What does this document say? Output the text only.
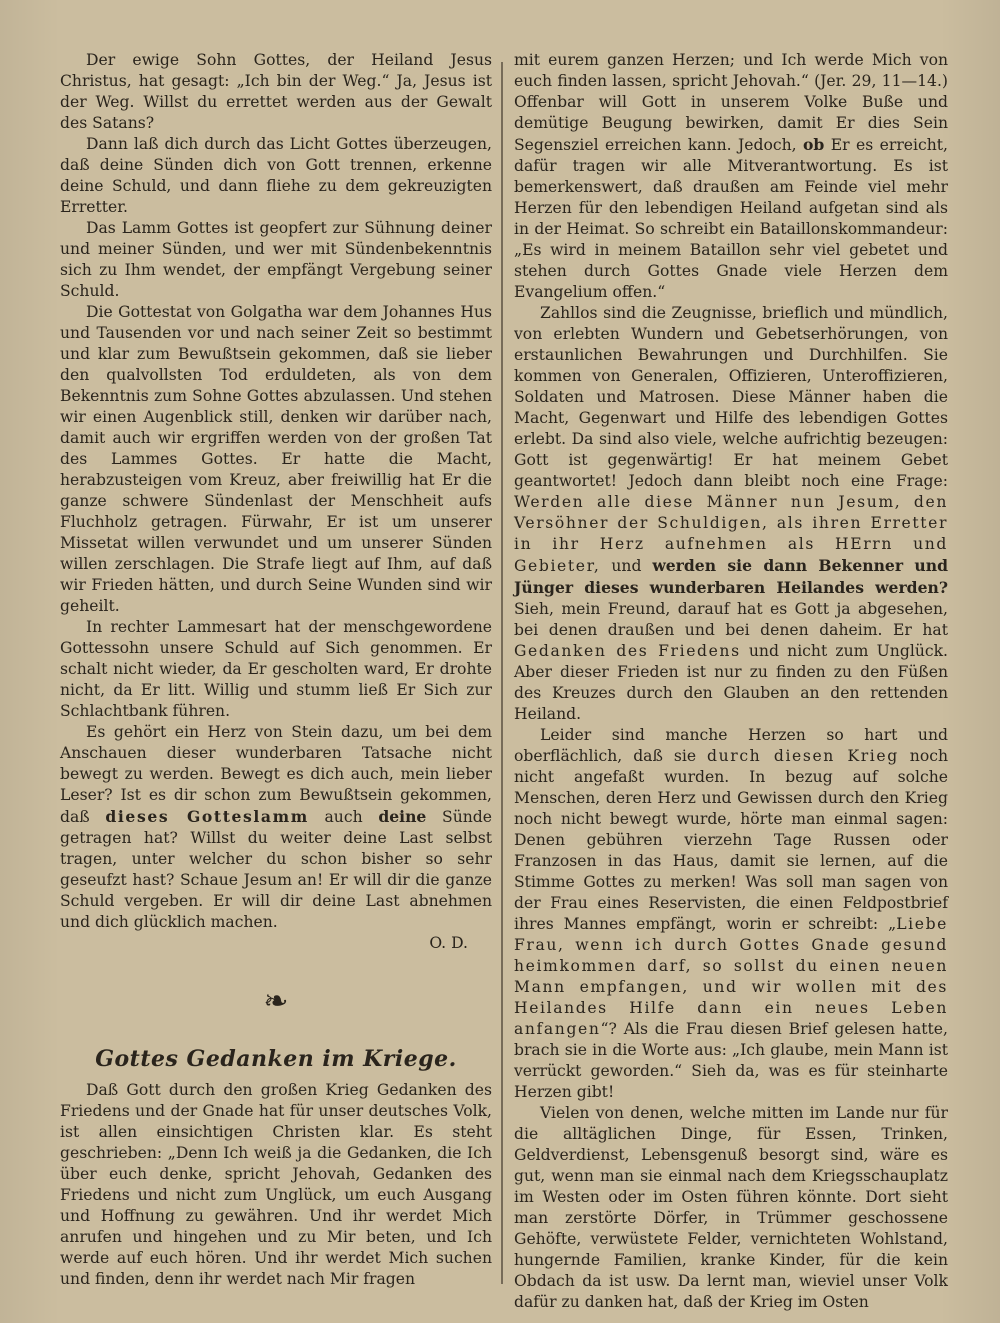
Der ewige Sohn Gottes, der Heiland Jesus Christus, hat gesagt: „Ich bin der Weg.“ Ja, Jesus ist der Weg. Willst du errettet werden aus der Gewalt des Satans?

Dann laß dich durch das Licht Gottes überzeugen, daß deine Sünden dich von Gott trennen, erkenne deine Schuld, und dann fliehe zu dem gekreuzigten Erretter.

Das Lamm Gottes ist geopfert zur Sühnung deiner und meiner Sünden, und wer mit Sündenbekenntnis sich zu Ihm wendet, der empfängt Vergebung seiner Schuld.

Die Gottestat von Golgatha war dem Johannes Hus und Tausenden vor und nach seiner Zeit so bestimmt und klar zum Bewußtsein gekommen, daß sie lieber den qualvollsten Tod erduldeten, als von dem Bekenntnis zum Sohne Gottes abzulassen. Und stehen wir einen Augenblick still, denken wir darüber nach, damit auch wir ergriffen werden von der großen Tat des Lammes Gottes. Er hatte die Macht, herabzusteigen vom Kreuz, aber freiwillig hat Er die ganze schwere Sündenlast der Menschheit aufs Fluchholz getragen. Fürwahr, Er ist um unserer Missetat willen verwundet und um unserer Sünden willen zerschlagen. Die Strafe liegt auf Ihm, auf daß wir Frieden hätten, und durch Seine Wunden sind wir geheilt.

In rechter Lammesart hat der menschgewordene Gottessohn unsere Schuld auf Sich genommen. Er schalt nicht wieder, da Er gescholten ward, Er drohte nicht, da Er litt. Willig und stumm ließ Er Sich zur Schlachtbank führen.

Es gehört ein Herz von Stein dazu, um bei dem Anschauen dieser wunderbaren Tatsache nicht bewegt zu werden. Bewegt es dich auch, mein lieber Leser? Ist es dir schon zum Bewußtsein gekommen, daß dieses Gotteslamm auch deine Sünde getragen hat? Willst du weiter deine Last selbst tragen, unter welcher du schon bisher so sehr geseufzt hast? Schaue Jesum an! Er will dir die ganze Schuld vergeben. Er will dir deine Last abnehmen und dich glücklich machen.
O. D.

❧
Gottes Gedanken im Kriege.

Daß Gott durch den großen Krieg Gedanken des Friedens und der Gnade hat für unser deutsches Volk, ist allen einsichtigen Christen klar. Es steht geschrieben: „Denn Ich weiß ja die Gedanken, die Ich über euch denke, spricht Jehovah, Gedanken des Friedens und nicht zum Unglück, um euch Ausgang und Hoffnung zu gewähren. Und ihr werdet Mich anrufen und hingehen und zu Mir beten, und Ich werde auf euch hören. Und ihr werdet Mich suchen und finden, denn ihr werdet nach Mir fragen

mit eurem ganzen Herzen; und Ich werde Mich von euch finden lassen, spricht Jehovah.“ (Jer. 29, 11—14.) Offenbar will Gott in unserem Volke Buße und demütige Beugung bewirken, damit Er dies Sein Segensziel erreichen kann. Jedoch, ob Er es erreicht, dafür tragen wir alle Mitverantwortung. Es ist bemerkenswert, daß draußen am Feinde viel mehr Herzen für den lebendigen Heiland aufgetan sind als in der Heimat. So schreibt ein Bataillonskommandeur: „Es wird in meinem Bataillon sehr viel gebetet und stehen durch Gottes Gnade viele Herzen dem Evangelium offen.“

Zahllos sind die Zeugnisse, brieflich und mündlich, von erlebten Wundern und Gebetserhörungen, von erstaunlichen Bewahrungen und Durchhilfen. Sie kommen von Generalen, Offizieren, Unteroffizieren, Soldaten und Matrosen. Diese Männer haben die Macht, Gegenwart und Hilfe des lebendigen Gottes erlebt. Da sind also viele, welche aufrichtig bezeugen: Gott ist gegenwärtig! Er hat meinem Gebet geantwortet! Jedoch dann bleibt noch eine Frage: Werden alle diese Männer nun Jesum, den Versöhner der Schuldigen, als ihren Erretter in ihr Herz aufnehmen als HErrn und Gebieter, und werden sie dann Bekenner und Jünger dieses wunderbaren Heilandes werden? Sieh, mein Freund, darauf hat es Gott ja abgesehen, bei denen draußen und bei denen daheim. Er hat Gedanken des Friedens und nicht zum Unglück. Aber dieser Frieden ist nur zu finden zu den Füßen des Kreuzes durch den Glauben an den rettenden Heiland.

Leider sind manche Herzen so hart und oberflächlich, daß sie durch diesen Krieg noch nicht angefaßt wurden. In bezug auf solche Menschen, deren Herz und Gewissen durch den Krieg noch nicht bewegt wurde, hörte man einmal sagen: Denen gebühren vierzehn Tage Russen oder Franzosen in das Haus, damit sie lernen, auf die Stimme Gottes zu merken! Was soll man sagen von der Frau eines Reservisten, die einen Feldpostbrief ihres Mannes empfängt, worin er schreibt: „Liebe Frau, wenn ich durch Gottes Gnade gesund heimkommen darf, so sollst du einen neuen Mann empfangen, und wir wollen mit des Heilandes Hilfe dann ein neues Leben anfangen“? Als die Frau diesen Brief gelesen hatte, brach sie in die Worte aus: „Ich glaube, mein Mann ist verrückt geworden.“ Sieh da, was es für steinharte Herzen gibt!

Vielen von denen, welche mitten im Lande nur für die alltäglichen Dinge, für Essen, Trinken, Geldverdienst, Lebensgenuß besorgt sind, wäre es gut, wenn man sie einmal nach dem Kriegsschauplatz im Westen oder im Osten führen könnte. Dort sieht man zerstörte Dörfer, in Trümmer geschossene Gehöfte, verwüstete Felder, vernichteten Wohlstand, hungernde Familien, kranke Kinder, für die kein Obdach da ist usw. Da lernt man, wieviel unser Volk dafür zu danken hat, daß der Krieg im Osten
